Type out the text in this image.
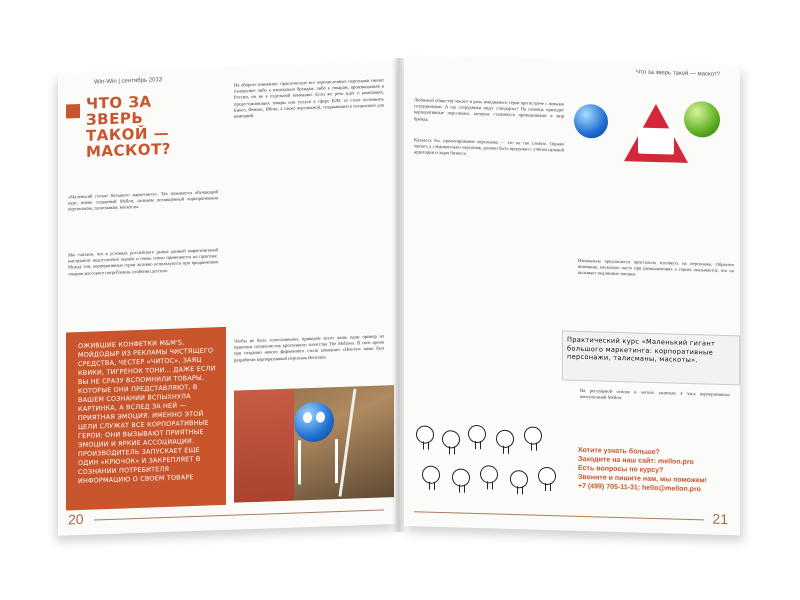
Win-Win | сентябрь 2013
ЧТО ЗА ЗВЕРЬ ТАКОЙ — МАСКОТ?
«Маленький гигант большого маркетинга». Так называется обучающий курс, вновь созданный Mellon, целиком посвящённый корпоративным персонажам, талисманам, маскотам.
Мы считаем, что в условиях российского рынка данный маркетинговый инструмент недостаточно оценён и очень плохо применяется на практике. Между тем, корпоративные герои активно используются при продвижении товаров массового потребления, особенно детских.
На обороте внимание: практические все перечисленные персонажи имеют отношение либо к изначально брендам, либо к товарам, производимым в России, но не к отдельной компании. Если же речь идёт о компаниях, предоставляющих товары или услуги в сфере B2B, то стоит вспомнить Бинго, Феникс, Ибикс, а также персонажей, создававшихся специально для компаний.
Чтобы не быть голословными, приведём всего лишь один пример из практики специалистов креативного агентства The Mellows. В свое время при создании нового фирменного стиля компании «Неоген» нами был разработан корпоративный персонаж Неотоша.
ОЖИВШИЕ КОНФЕТКИ M&M'S, МОЙДОДЫР ИЗ РЕКЛАМЫ ЧИСТЯЩЕГО СРЕДСТВА, ЧЕСТЕР «ЧИТОС», ЗАЯЦ КВИКИ, ТИГРЕНОК ТОНИ... ДАЖЕ ЕСЛИ ВЫ НЕ СРАЗУ ВСПОМНИЛИ ТОВАРЫ, КОТОРЫЕ ОНИ ПРЕДСТАВЛЯЮТ, В ВАШЕМ СОЗНАНИИ ВСПЫХНУЛА КАРТИНКА, А ВСЛЕД ЗА НЕЙ — ПРИЯТНАЯ ЭМОЦИЯ. ИМЕННО ЭТОЙ ЦЕЛИ СЛУЖАТ ВСЕ КОРПОРАТИВНЫЕ ГЕРОИ: ОНИ ВЫЗЫВАЮТ ПРИЯТНЫЕ ЭМОЦИИ И ЯРКИЕ АССОЦИАЦИИ. ПРОИЗВОДИТЕЛЬ ЗАПУСКАЕТ ЕЩЕ ОДИН «КРЮЧОК» И ЗАКРЕПЛЯЕТ В СОЗНАНИИ ПОТРЕБИТЕЛЯ ИНФОРМАЦИЮ О СВОЕМ ТОВАРЕ
20
Что за зверь такой — маскот?
Любимый обществу маскот и роль имиджевого героя при встрече с новыми сотрудниками. А где сотрудники ищут стандарты? На помощь приходят корпоративные персонажи, которые становятся проводниками в мир бренда.
Казалось бы, проектирование персонажа — это не так сложно. Однако маскот, а следовательно персонаж, должен быть продуман с учётом целевой аудитории и задач бизнеса.
Изначально предлагается пристально взглянуть на персонажа. Обратите внимание, насколько часто при размышлениях о героях оказывается, что он вызывает подлинные эмоции.
Практический курс «Маленький гигант большого маркетинга: корпоративные персонажи, талисманы, маскоты».
На регулярной основе в легких занятиях 4 часа корпоративных консультаций Mellon.
Хотите узнать больше?
Заходите на наш сайт: mellon.pro
Есть вопросы по курсу?
Звоните и пишите нам, мы поможем!
+7 (499) 705-11-31; hello@mellon.pro
21
